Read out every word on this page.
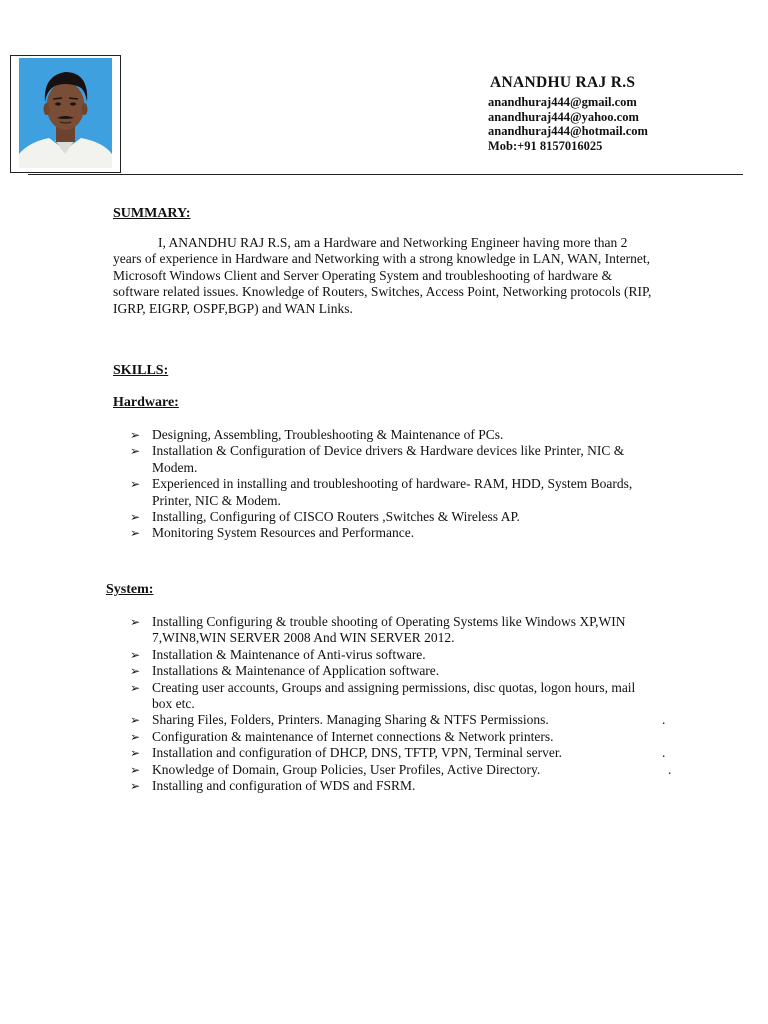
ANANDHU RAJ R.S
anandhuraj444@gmail.com
anandhuraj444@yahoo.com
anandhuraj444@hotmail.com
Mob:+91 8157016025
SUMMARY:
I, ANANDHU RAJ R.S, am a Hardware and Networking Engineer having more than 2 years of experience in Hardware and Networking with a strong knowledge in LAN, WAN, Internet, Microsoft Windows Client and Server Operating System and troubleshooting of hardware & software related issues. Knowledge of Routers, Switches, Access Point, Networking protocols (RIP, IGRP, EIGRP, OSPF,BGP) and WAN Links.
SKILLS:
Hardware:
➢ Designing, Assembling, Troubleshooting & Maintenance of PCs.
➢ Installation & Configuration of Device drivers & Hardware devices like Printer, NIC & Modem.
➢ Experienced in installing and troubleshooting of hardware- RAM, HDD, System Boards, Printer, NIC & Modem.
➢ Installing, Configuring of CISCO Routers ,Switches & Wireless AP.
➢ Monitoring System Resources and Performance.
System:
➢ Installing Configuring & trouble shooting of Operating Systems like Windows XP,WIN 7,WIN8,WIN SERVER 2008 And WIN SERVER 2012.
➢ Installation & Maintenance of Anti-virus software.
➢ Installations & Maintenance of Application software.
➢ Creating user accounts, Groups and assigning permissions, disc quotas, logon hours, mail box etc.
➢ Sharing Files, Folders, Printers. Managing Sharing & NTFS Permissions.	.
➢ Configuration & maintenance of Internet connections & Network printers.
➢ Installation and configuration of DHCP, DNS, TFTP, VPN, Terminal server.	.
➢ Knowledge of Domain, Group Policies, User Profiles, Active Directory.	.
➢ Installing and configuration of WDS and FSRM.
